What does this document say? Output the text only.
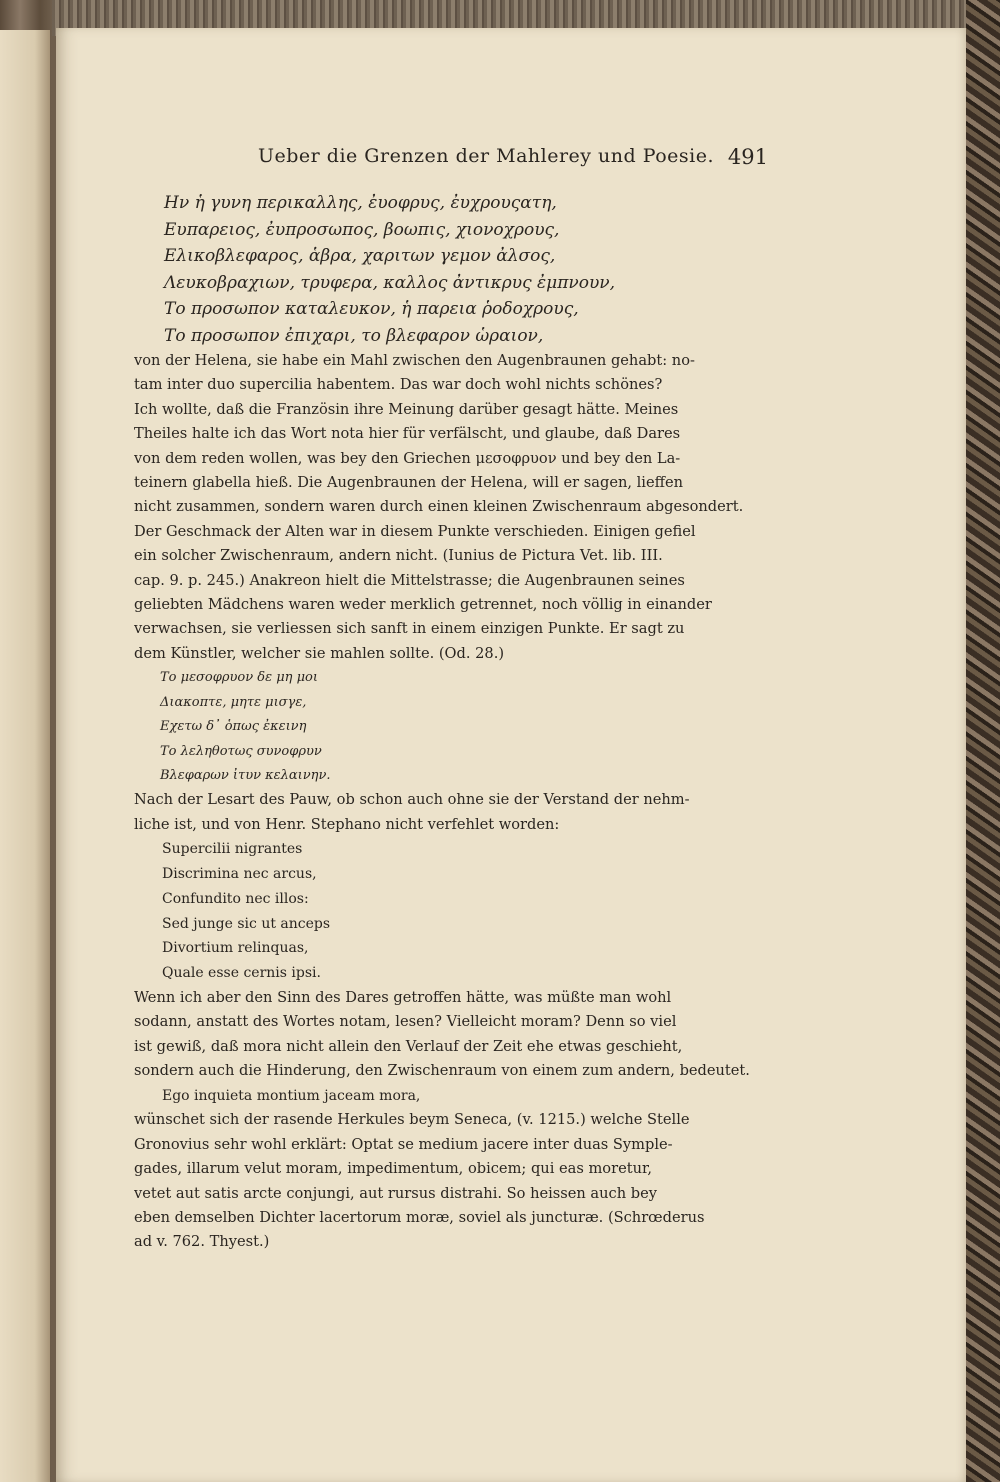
Ueber die Grenzen der Mahlerey und Poesie. 491
Ην ἡ γυνη περικαλλης, ἐυοφρυς, ἐυχρουςατη,
Ευπαρειος, ἐυπροσωπος, βοωπις, χιονοχρους,
Ελικοβλεφαρος, ἁβρα, χαριτων γεμον ἀλσος,
Λευκοβραχιων, τρυφερα, καλλος ἀντικρυς ἐμπνουν,
Το προσωπον καταλευκον, ἡ παρεια ῥοδοχρους,
Το προσωπον ἐπιχαρι, το βλεφαρον ὡραιον,

von der Helena, sie habe ein Mahl zwischen den Augenbraunen gehabt: no-
tam inter duo supercilia habentem. Das war doch wohl nichts schönes?
Ich wollte, daß die Französin ihre Meinung darüber gesagt hätte. Meines
Theiles halte ich das Wort nota hier für verfälscht, und glaube, daß Dares
von dem reden wollen, was bey den Griechen μεσοφρυον und bey den La-
teinern glabella hieß. Die Augenbraunen der Helena, will er sagen, lieffen
nicht zusammen, sondern waren durch einen kleinen Zwischenraum abgesondert.
Der Geschmack der Alten war in diesem Punkte verschieden. Einigen gefiel
ein solcher Zwischenraum, andern nicht. (Iunius de Pictura Vet. lib. III.
cap. 9. p. 245.) Anakreon hielt die Mittelstrasse; die Augenbraunen seines
geliebten Mädchens waren weder merklich getrennet, noch völlig in einander
verwachsen, sie verliessen sich sanft in einem einzigen Punkte. Er sagt zu
dem Künstler, welcher sie mahlen sollte. (Od. 28.)

Το μεσοφρυον δε μη μοι
Διακοπτε, μητε μισγε,
Εχετω δ᾽ ὁπως ἐκεινη
Το λεληθοτως συνοφρυν
Βλεφαρων ἰτυν κελαινην.

Nach der Lesart des Pauw, ob schon auch ohne sie der Verstand der nehm-
liche ist, und von Henr. Stephano nicht verfehlet worden:

Supercilii nigrantes
Discrimina nec arcus,
Confundito nec illos:
Sed junge sic ut anceps
Divortium relinquas,
Quale esse cernis ipsi.

Wenn ich aber den Sinn des Dares getroffen hätte, was müßte man wohl
sodann, anstatt des Wortes notam, lesen? Vielleicht moram? Denn so viel
ist gewiß, daß mora nicht allein den Verlauf der Zeit ehe etwas geschieht,
sondern auch die Hinderung, den Zwischenraum von einem zum andern, bedeutet.

Ego inquieta montium jaceam mora,

wünschet sich der rasende Herkules beym Seneca, (v. 1215.) welche Stelle
Gronovius sehr wohl erklärt: Optat se medium jacere inter duas Symple-
gades, illarum velut moram, impedimentum, obicem; qui eas moretur,
vetet aut satis arcte conjungi, aut rursus distrahi. So heissen auch bey
eben demselben Dichter lacertorum moræ, soviel als juncturæ. (Schrœderus
ad v. 762. Thyest.)
